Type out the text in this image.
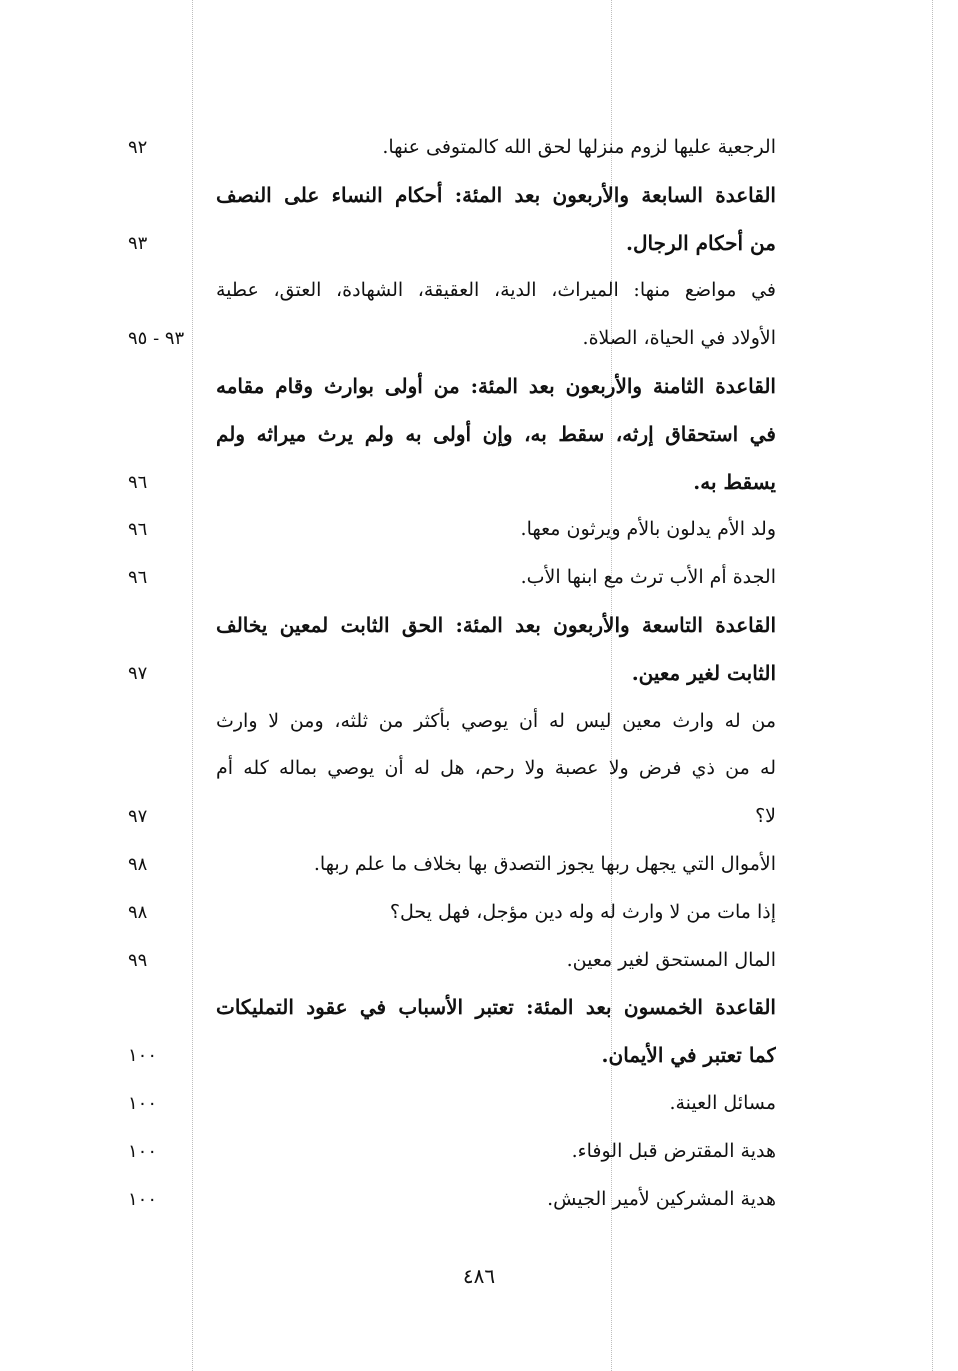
الرجعية عليها لزوم منزلها لحق الله كالمتوفى عنها.
٩٢
القاعدة السابعة والأربعون بعد المئة: أحكام النساء على النصف
من أحكام الرجال.
٩٣
في مواضع منها: الميراث، الدية، العقيقة، الشهادة، العتق، عطية
الأولاد في الحياة، الصلاة.
٩٣ - ٩٥
القاعدة الثامنة والأربعون بعد المئة: من أولى بوارث وقام مقامه
في استحقاق إرثه، سقط به، وإن أولى به ولم يرث ميراثه ولم
يسقط به.
٩٦
ولد الأم يدلون بالأم ويرثون معها.
٩٦
الجدة أم الأب ترث مع ابنها الأب.
٩٦
القاعدة التاسعة والأربعون بعد المئة: الحق الثابت لمعين يخالف
الثابت لغير معين.
٩٧
من له وارث معين ليس له أن يوصي بأكثر من ثلثه، ومن لا وارث
له من ذي فرض ولا عصبة ولا رحم، هل له أن يوصي بماله كله أم
لا؟
٩٧
الأموال التي يجهل ربها يجوز التصدق بها بخلاف ما علم ربها.
٩٨
إذا مات من لا وارث له وله دين مؤجل، فهل يحل؟
٩٨
المال المستحق لغير معين.
٩٩
القاعدة الخمسون بعد المئة: تعتبر الأسباب في عقود التمليكات
كما تعتبر في الأيمان.
١٠٠
مسائل العينة.
١٠٠
هدية المقترض قبل الوفاء.
١٠٠
هدية المشركين لأمير الجيش.
١٠٠
٤٨٦
